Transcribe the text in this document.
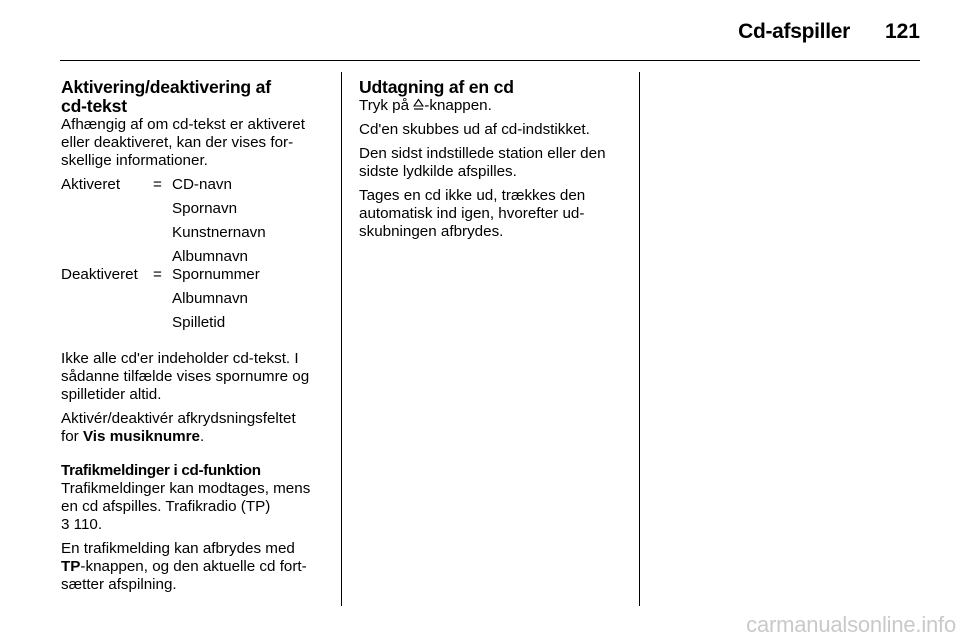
Cd-afspiller	121
Aktivering/deaktivering af
cd-tekst

Afhængig af om cd-tekst er aktiveret
eller deaktiveret, kan der vises for-
skellige informationer.

Aktiveret = CD-navn
Spornavn
Kunstnernavn
Albumnavn
Deaktiveret = Spornummer
Albumnavn
Spilletid

Ikke alle cd'er indeholder cd-tekst. I
sådanne tilfælde vises spornumre og
spilletider altid.

Aktivér/deaktivér afkrydsningsfeltet
for Vis musiknumre.

Trafikmeldinger i cd-funktion

Trafikmeldinger kan modtages, mens
en cd afspilles. Trafikradio (TP)
3 110.

En trafikmelding kan afbrydes med
TP-knappen, og den aktuelle cd fort-
sætter afspilning.

Udtagning af en cd

Tryk på
-knappen.

Cd'en skubbes ud af cd-indstikket.

Den sidst indstillede station eller den
sidste lydkilde afspilles.

Tages en cd ikke ud, trækkes den
automatisk ind igen, hvorefter ud-
skubningen afbrydes.

carmanualsonline.info
